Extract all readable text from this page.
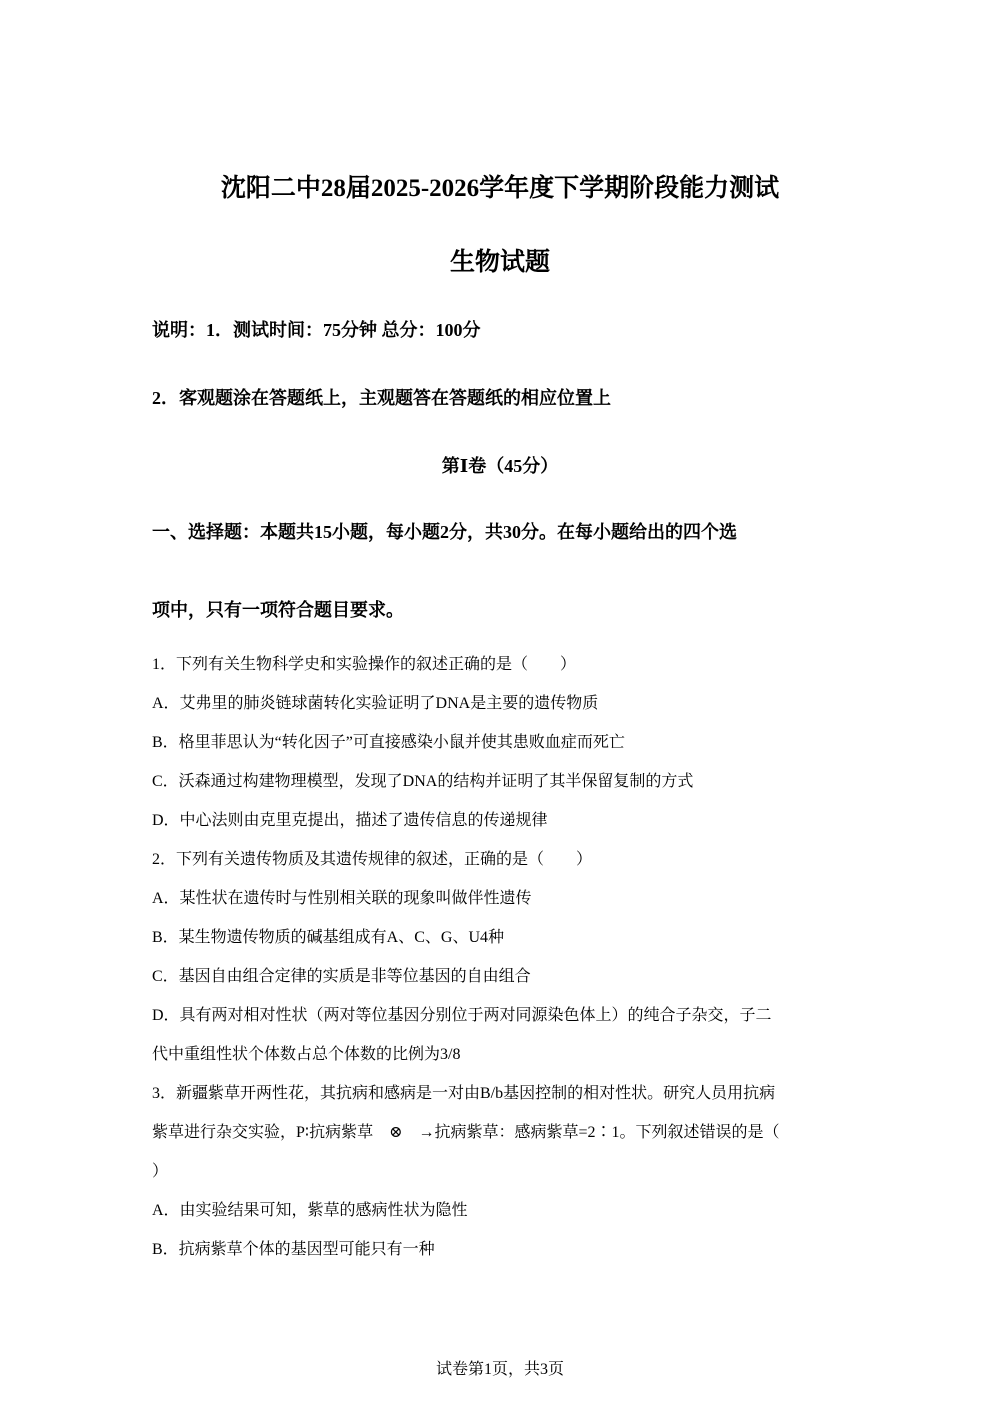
沈阳二中28届2025-2026学年度下学期阶段能力测试
生物试题
说明：1．测试时间：75分钟 总分：100分
2．客观题涂在答题纸上，主观题答在答题纸的相应位置上
第Ⅰ卷（45分）
一、选择题：本题共15小题，每小题2分，共30分。在每小题给出的四个选
项中，只有一项符合题目要求。
1．下列有关生物科学史和实验操作的叙述正确的是（　　）
A．艾弗里的肺炎链球菌转化实验证明了DNA是主要的遗传物质
B．格里菲思认为“转化因子”可直接感染小鼠并使其患败血症而死亡
C．沃森通过构建物理模型，发现了DNA的结构并证明了其半保留复制的方式
D．中心法则由克里克提出，描述了遗传信息的传递规律
2．下列有关遗传物质及其遗传规律的叙述，正确的是（　　）
A．某性状在遗传时与性别相关联的现象叫做伴性遗传
B．某生物遗传物质的碱基组成有A、C、G、U4种
C．基因自由组合定律的实质是非等位基因的自由组合
D．具有两对相对性状（两对等位基因分别位于两对同源染色体上）的纯合子杂交，子二
代中重组性状个体数占总个体数的比例为3/8
3．新疆紫草开两性花，其抗病和感病是一对由B/b基因控制的相对性状。研究人员用抗病
紫草进行杂交实验，P∶抗病紫草　⊗　→抗病紫草：感病紫草=2∶1。下列叙述错误的是（
）
A．由实验结果可知，紫草的感病性状为隐性
B．抗病紫草个体的基因型可能只有一种
试卷第1页，共3页
